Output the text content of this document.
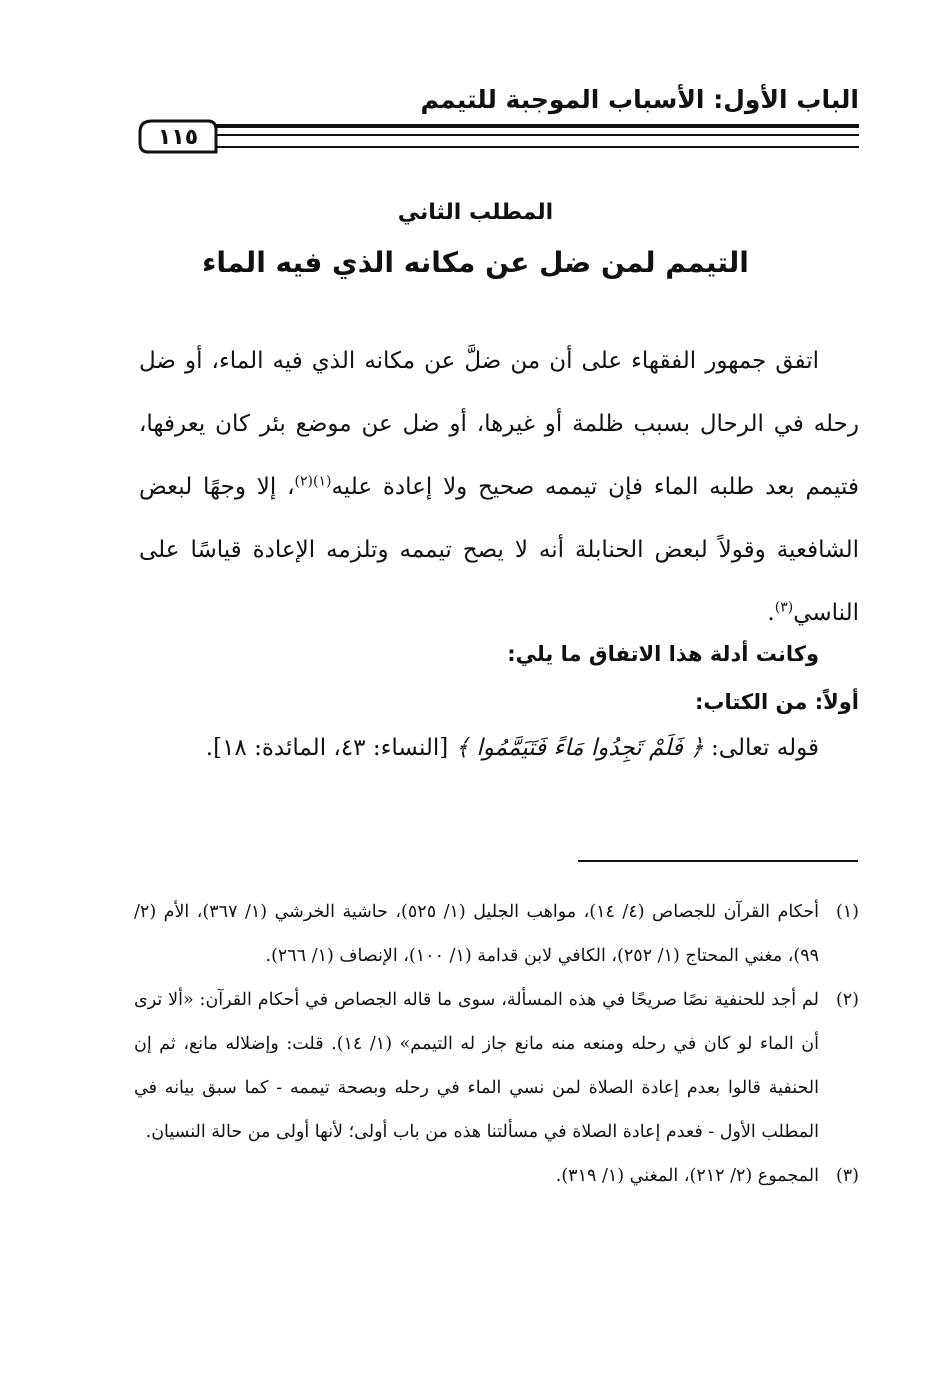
الباب الأول: الأسباب الموجبة للتيمم
١١٥
المطلب الثاني
التيمم لمن ضل عن مكانه الذي فيه الماء

اتفق جمهور الفقهاء على أن من ضلَّ عن مكانه الذي فيه الماء، أو ضل رحله في الرحال بسبب ظلمة أو غيرها، أو ضل عن موضع بئر كان يعرفها، فتيمم بعد طلبه الماء فإن تيممه صحيح ولا إعادة عليه$^{(١)(٢)}$، إلا وجهًا لبعض الشافعية وقولاً لبعض الحنابلة أنه لا يصح تيممه وتلزمه الإعادة قياسًا على الناسي$^{(٣)}$.

وكانت أدلة هذا الاتفاق ما يلي:
أولاً: من الكتاب:
قوله تعالى: ﴿ فَلَمْ تَجِدُوا مَاءً فَتَيَمَّمُوا ﴾ [النساء: ٤٣، المائدة: ١٨].
(١)
أحكام القرآن للجصاص (٤/ ١٤)، مواهب الجليل (١/ ٥٢٥)، حاشية الخرشي (١/ ٣٦٧)، الأم (٢/ ٩٩)، مغني المحتاج (١/ ٢٥٢)، الكافي لابن قدامة (١/ ١٠٠)، الإنصاف (١/ ٢٦٦).
(٢)
لم أجد للحنفية نصًا صريحًا في هذه المسألة، سوى ما قاله الجصاص في أحكام القرآن: «ألا ترى أن الماء لو كان في رحله ومنعه منه مانع جاز له التيمم» (١/ ١٤). قلت: وإضلاله مانع، ثم إن الحنفية قالوا بعدم إعادة الصلاة لمن نسي الماء في رحله وبصحة تيممه - كما سبق بيانه في المطلب الأول - فعدم إعادة الصلاة في مسألتنا هذه من باب أولى؛ لأنها أولى من حالة النسيان.
(٣)
المجموع (٢/ ٢١٢)، المغني (١/ ٣١٩).
